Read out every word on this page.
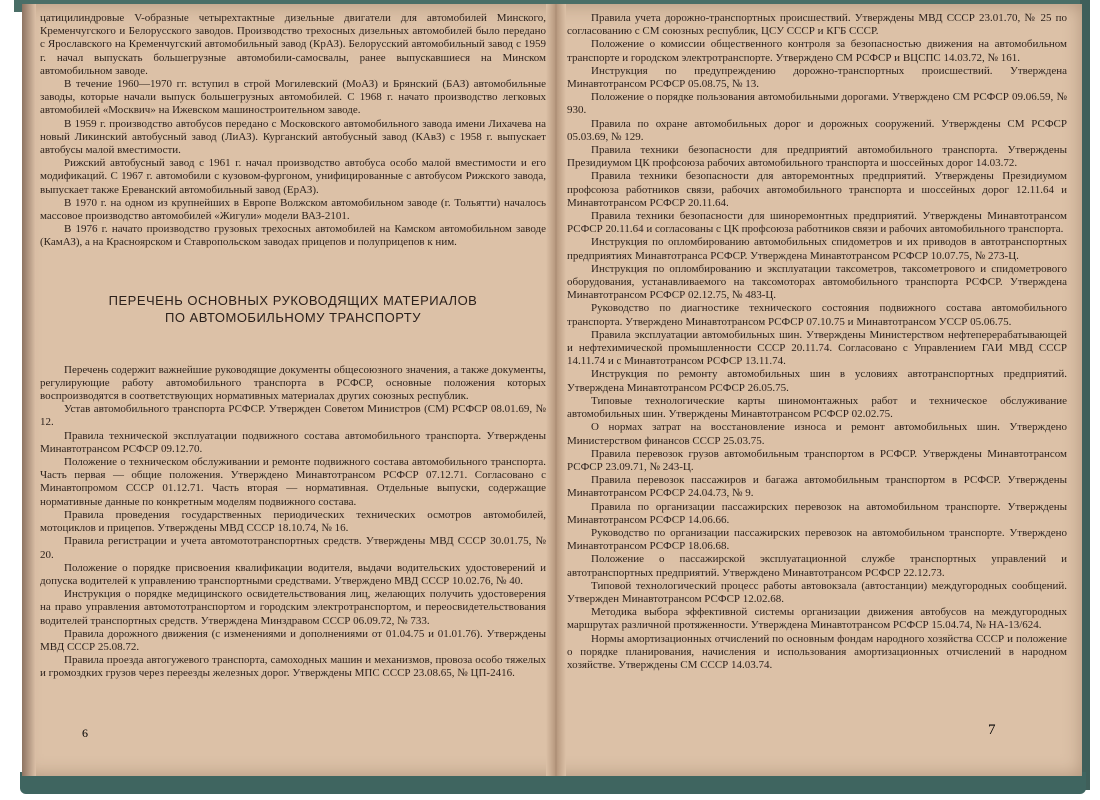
цатицилиндровые V-образные четырехтактные дизельные двигатели для автомобилей Минского, Кременчугского и Белорусского заводов. Производство трехосных дизельных автомобилей было передано с Ярославского на Кременчугский автомобильный завод (КрАЗ). Белорусский автомобильный завод с 1959 г. начал выпускать большегрузные автомобили-самосвалы, ранее выпускавшиеся на Минском автомобильном заводе.

В течение 1960—1970 гг. вступил в строй Могилевский (МоАЗ) и Брянский (БАЗ) автомобильные заводы, которые начали выпуск большегрузных автомобилей. С 1968 г. начато производство легковых автомобилей «Москвич» на Ижевском машиностроительном заводе.

В 1959 г. производство автобусов передано с Московского автомобильного завода имени Лихачева на новый Ликинский автобусный завод (ЛиАЗ). Курганский автобусный завод (КАвЗ) с 1958 г. выпускает автобусы малой вместимости.

Рижский автобусный завод с 1961 г. начал производство автобуса особо малой вместимости и его модификаций. С 1967 г. автомобили с кузовом-фургоном, унифицированные с автобусом Рижского завода, выпускает также Ереванский автомобильный завод (ЕрАЗ).

В 1970 г. на одном из крупнейших в Европе Волжском автомобильном заводе (г. Тольятти) началось массовое производство автомобилей «Жигули» модели ВАЗ-2101.

В 1976 г. начато производство грузовых трехосных автомобилей на Камском автомобильном заводе (КамАЗ), а на Красноярском и Ставропольском заводах прицепов и полуприцепов к ним.

ПЕРЕЧЕНЬ ОСНОВНЫХ РУКОВОДЯЩИХ МАТЕРИАЛОВ

ПО АВТОМОБИЛЬНОМУ ТРАНСПОРТУ

Перечень содержит важнейшие руководящие документы общесоюзного значения, а также документы, регулирующие работу автомобильного транспорта в РСФСР, основные положения которых воспроизводятся в соответствующих нормативных материалах других союзных республик.

Устав автомобильного транспорта РСФСР. Утвержден Советом Министров (СМ) РСФСР 08.01.69, № 12.

Правила технической эксплуатации подвижного состава автомобильного транспорта. Утверждены Минавтотрансом РСФСР 09.12.70.

Положение о техническом обслуживании и ремонте подвижного состава автомобильного транспорта. Часть первая — общие положения. Утверждено Минавтотрансом РСФСР 07.12.71. Согласовано с Минавтопромом СССР 01.12.71. Часть вторая — нормативная. Отдельные выпуски, содержащие нормативные данные по конкретным моделям подвижного состава.

Правила проведения государственных периодических технических осмотров автомобилей, мотоциклов и прицепов. Утверждены МВД СССР 18.10.74, № 16.

Правила регистрации и учета автомототранспортных средств. Утверждены МВД СССР 30.01.75, № 20.

Положение о порядке присвоения квалификации водителя, выдачи водительских удостоверений и допуска водителей к управлению транспортными средствами. Утверждено МВД СССР 10.02.76, № 40.

Инструкция о порядке медицинского освидетельствования лиц, желающих получить удостоверения на право управления автомототранспортом и городским электротранспортом, и переосвидетельствования водителей транспортных средств. Утверждена Минздравом СССР 06.09.72, № 733.

Правила дорожного движения (с изменениями и дополнениями от 01.04.75 и 01.01.76). Утверждены МВД СССР 25.08.72.

Правила проезда автогужевого транспорта, самоходных машин и механизмов, провоза особо тяжелых и громоздких грузов через переезды железных дорог. Утверждены МПС СССР 23.08.65, № ЦП-2416.

Правила учета дорожно-транспортных происшествий. Утверждены МВД СССР 23.01.70, № 25 по согласованию с СМ союзных республик, ЦСУ СССР и КГБ СССР.

Положение о комиссии общественного контроля за безопасностью движения на автомобильном транспорте и городском электротранспорте. Утверждено СМ РСФСР и ВЦСПС 14.03.72, № 161.

Инструкция по предупреждению дорожно-транспортных происшествий. Утверждена Минавтотрансом РСФСР 05.08.75, № 13.

Положение о порядке пользования автомобильными дорогами. Утверждено СМ РСФСР 09.06.59, № 930.

Правила по охране автомобильных дорог и дорожных сооружений. Утверждены СМ РСФСР 05.03.69, № 129.

Правила техники безопасности для предприятий автомобильного транспорта. Утверждены Президиумом ЦК профсоюза рабочих автомобильного транспорта и шоссейных дорог 14.03.72.

Правила техники безопасности для авторемонтных предприятий. Утверждены Президиумом профсоюза работников связи, рабочих автомобильного транспорта и шоссейных дорог 12.11.64 и Минавтотрансом РСФСР 20.11.64.

Правила техники безопасности для шиноремонтных предприятий. Утверждены Минавтотрансом РСФСР 20.11.64 и согласованы с ЦК профсоюза работников связи и рабочих автомобильного транспорта.

Инструкция по опломбированию автомобильных спидометров и их приводов в автотранспортных предприятиях Минавтотранса РСФСР. Утверждена Минавтотрансом РСФСР 10.07.75, № 273-Ц.

Инструкция по опломбированию и эксплуатации таксометров, таксометрового и спидометрового оборудования, устанавливаемого на таксомоторах автомобильного транспорта РСФСР. Утверждена Минавтотрансом РСФСР 02.12.75, № 483-Ц.

Руководство по диагностике технического состояния подвижного состава автомобильного транспорта. Утверждено Минавтотрансом РСФСР 07.10.75 и Минавтотрансом УССР 05.06.75.

Правила эксплуатации автомобильных шин. Утверждены Министерством нефтеперерабатывающей и нефтехимической промышленности СССР 20.11.74. Согласовано с Управлением ГАИ МВД СССР 14.11.74 и с Минавтотрансом РСФСР 13.11.74.

Инструкция по ремонту автомобильных шин в условиях автотранспортных предприятий. Утверждена Минавтотрансом РСФСР 26.05.75.

Типовые технологические карты шиномонтажных работ и техническое обслуживание автомобильных шин. Утверждены Минавтотрансом РСФСР 02.02.75.

О нормах затрат на восстановление износа и ремонт автомобильных шин. Утверждено Министерством финансов СССР 25.03.75.

Правила перевозок грузов автомобильным транспортом в РСФСР. Утверждены Минавтотрансом РСФСР 23.09.71, № 243-Ц.

Правила перевозок пассажиров и багажа автомобильным транспортом в РСФСР. Утверждены Минавтотрансом РСФСР 24.04.73, № 9.

Правила по организации пассажирских перевозок на автомобильном транспорте. Утверждены Минавтотрансом РСФСР 14.06.66.

Руководство по организации пассажирских перевозок на автомобильном транспорте. Утверждено Минавтотрансом РСФСР 18.06.68.

Положение о пассажирской эксплуатационной службе транспортных управлений и автотранспортных предприятий. Утверждено Минавтотрансом РСФСР 22.12.73.

Типовой технологический процесс работы автовокзала (автостанции) междугородных сообщений. Утвержден Минавтотрансом РСФСР 12.02.68.

Методика выбора эффективной системы организации движения автобусов на междугородных маршрутах различной протяженности. Утверждена Минавтотрансом РСФСР 15.04.74, № НА-13/624.

Нормы амортизационных отчислений по основным фондам народного хозяйства СССР и положение о порядке планирования, начисления и использования амортизационных отчислений в народном хозяйстве. Утверждены СМ СССР 14.03.74.

6	7
